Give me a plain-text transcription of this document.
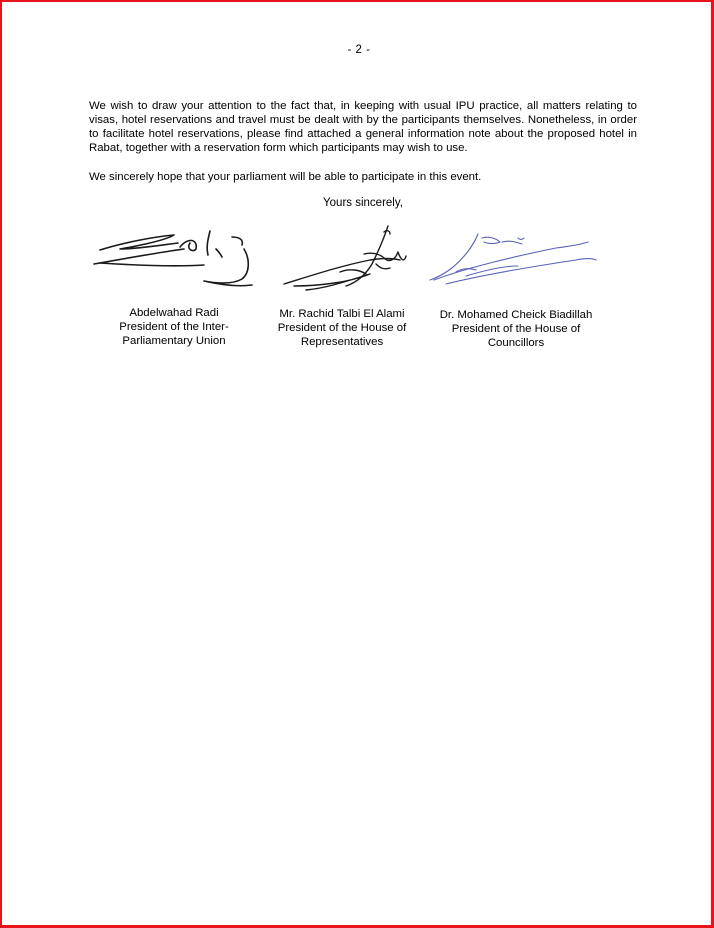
- 2 -

We wish to draw your attention to the fact that, in keeping with usual IPU practice, all matters relating to visas, hotel reservations and travel must be dealt with by the participants themselves. Nonetheless, in order to facilitate hotel reservations, please find attached a general information note about the proposed hotel in Rabat, together with a reservation form which participants may wish to use.

We sincerely hope that your parliament will be able to participate in this event.

Yours sincerely,
Abdelwahad Radi
President of the Inter-
Parliamentary Union
Mr. Rachid Talbi El Alami
President of the House of
Representatives
Dr. Mohamed Cheick Biadillah
President of the House of
Councillors
